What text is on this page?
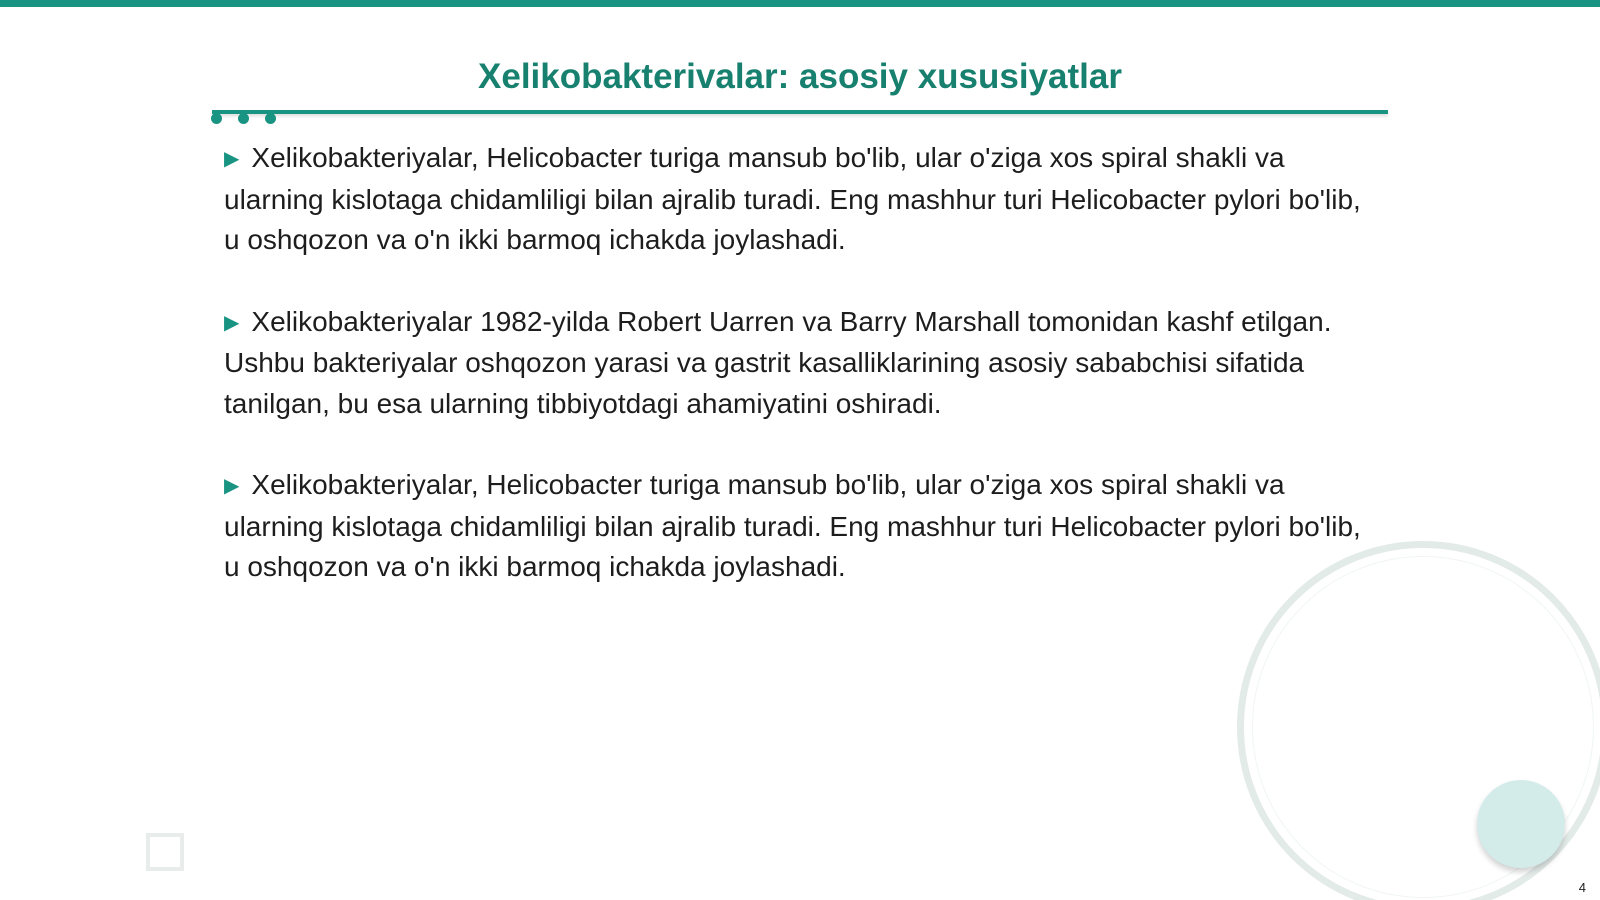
Xelikobakterivalar: asosiy xususiyatlar

▶ Xelikobakteriyalar, Helicobacter turiga mansub bo'lib, ular o'ziga xos spiral shakli va ularning kislotaga chidamliligi bilan ajralib turadi. Eng mashhur turi Helicobacter pylori bo'lib, u oshqozon va o'n ikki barmoq ichakda joylashadi.

▶ Xelikobakteriyalar 1982-yilda Robert Uarren va Barry Marshall tomonidan kashf etilgan. Ushbu bakteriyalar oshqozon yarasi va gastrit kasalliklarining asosiy sababchisi sifatida tanilgan, bu esa ularning tibbiyotdagi ahamiyatini oshiradi.

▶ Xelikobakteriyalar, Helicobacter turiga mansub bo'lib, ular o'ziga xos spiral shakli va ularning kislotaga chidamliligi bilan ajralib turadi. Eng mashhur turi Helicobacter pylori bo'lib, u oshqozon va o'n ikki barmoq ichakda joylashadi.

4
